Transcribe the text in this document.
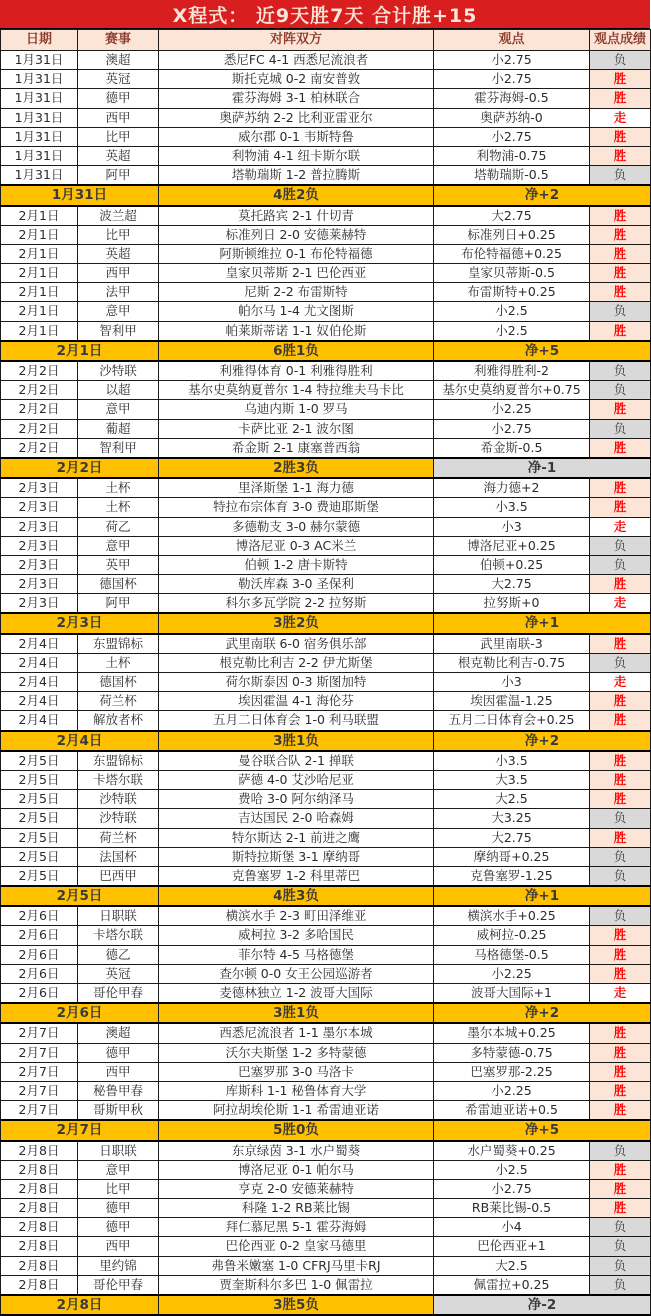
X程式： 近9天胜7天 合计胜+15
日期	赛事	对阵双方	观点	观点成绩
1月31日	澳超	悉尼FC 4-1 西悉尼流浪者	小2.75	负
1月31日	英冠	斯托克城 0-2 南安普敦	小2.75	胜
1月31日	德甲	霍芬海姆 3-1 柏林联合	霍芬海姆-0.5	胜
1月31日	西甲	奥萨苏纳 2-2 比利亚雷亚尔	奥萨苏纳-0	走
1月31日	比甲	威尔郡 0-1 韦斯特鲁	小2.75	胜
1月31日	英超	利物浦 4-1 纽卡斯尔联	利物浦-0.75	胜
1月31日	阿甲	塔勒瑞斯 1-2 普拉腾斯	塔勒瑞斯-0.5	负
1月31日		4胜2负	净+2	
2月1日	波兰超	莫托路宾 2-1 什切青	大2.75	胜
2月1日	比甲	标准列日 2-0 安德莱赫特	标准列日+0.25	胜
2月1日	英超	阿斯顿维拉 0-1 布伦特福德	布伦特福德+0.25	胜
2月1日	西甲	皇家贝蒂斯 2-1 巴伦西亚	皇家贝蒂斯-0.5	胜
2月1日	法甲	尼斯 2-2 布雷斯特	布雷斯特+0.25	胜
2月1日	意甲	帕尔马 1-4 尤文图斯	小2.5	负
2月1日	智利甲	帕莱斯蒂诺 1-1 奴伯伦斯	小2.5	胜
2月1日		6胜1负	净+5	
2月2日	沙特联	利雅得体育 0-1 利雅得胜利	利雅得胜利-2	负
2月2日	以超	基尔史莫纳夏普尔 1-4 特拉维夫马卡比	基尔史莫纳夏普尔+0.75	负
2月2日	意甲	乌迪内斯 1-0 罗马	小2.25	胜
2月2日	葡超	卡萨比亚 2-1 波尔图	小2.75	负
2月2日	智利甲	希金斯 2-1 康塞普西翁	希金斯-0.5	胜
2月2日		2胜3负	净-1	
2月3日	土杯	里泽斯堡 1-1 海力德	海力德+2	胜
2月3日	土杯	特拉布宗体育 3-0 费迪耶斯堡	小3.5	胜
2月3日	荷乙	多德勒支 3-0 赫尔蒙德	小3	走
2月3日	意甲	博洛尼亚 0-3 AC米兰	博洛尼亚+0.25	负
2月3日	英甲	伯顿 1-2 唐卡斯特	伯顿+0.25	负
2月3日	德国杯	勒沃库森 3-0 圣保利	大2.75	胜
2月3日	阿甲	科尔多瓦学院 2-2 拉努斯	拉努斯+0	走
2月3日		3胜2负	净+1	
2月4日	东盟锦标	武里南联 6-0 宿务俱乐部	武里南联-3	胜
2月4日	土杯	根克勒比利吉 2-2 伊尤斯堡	根克勒比利吉-0.75	负
2月4日	德国杯	荷尔斯泰因 0-3 斯图加特	小3	走
2月4日	荷兰杯	埃因霍温 4-1 海伦芬	埃因霍温-1.25	胜
2月4日	解放者杯	五月二日体育会 1-0 利马联盟	五月二日体育会+0.25	胜
2月4日		3胜1负	净+2	
2月5日	东盟锦标	曼谷联合队 2-1 掸联	小3.5	胜
2月5日	卡塔尔联	萨德 4-0 艾沙哈尼亚	大3.5	胜
2月5日	沙特联	费哈 3-0 阿尔纳泽马	大2.5	胜
2月5日	沙特联	吉达国民 2-0 哈森姆	大3.25	负
2月5日	荷兰杯	特尔斯达 2-1 前进之鹰	大2.75	胜
2月5日	法国杯	斯特拉斯堡 3-1 摩纳哥	摩纳哥+0.25	负
2月5日	巴西甲	克鲁塞罗 1-2 科里蒂巴	克鲁塞罗-1.25	负
2月5日		4胜3负	净+1	
2月6日	日职联	横滨水手 2-3 町田泽维亚	横滨水手+0.25	负
2月6日	卡塔尔联	威柯拉 3-2 多哈国民	威柯拉-0.25	胜
2月6日	德乙	菲尔特 4-5 马格德堡	马格德堡-0.5	胜
2月6日	英冠	查尔顿 0-0 女王公园巡游者	小2.25	胜
2月6日	哥伦甲春	麦德林独立 1-2 波哥大国际	波哥大国际+1	走
2月6日		3胜1负	净+2	
2月7日	澳超	西悉尼流浪者 1-1 墨尔本城	墨尔本城+0.25	胜
2月7日	德甲	沃尔夫斯堡 1-2 多特蒙德	多特蒙德-0.75	胜
2月7日	西甲	巴塞罗那 3-0 马洛卡	巴塞罗那-2.25	胜
2月7日	秘鲁甲春	库斯科 1-1 秘鲁体育大学	小2.25	胜
2月7日	哥斯甲秋	阿拉胡埃伦斯 1-1 希雷迪亚诺	希雷迪亚诺+0.5	胜
2月7日		5胜0负	净+5	
2月8日	日职联	东京绿茵 3-1 水户蜀葵	水户蜀葵+0.25	负
2月8日	意甲	博洛尼亚 0-1 帕尔马	小2.5	胜
2月8日	比甲	亨克 2-0 安德莱赫特	小2.75	胜
2月8日	德甲	科隆 1-2 RB莱比锡	RB莱比锡-0.5	胜
2月8日	德甲	拜仁慕尼黑 5-1 霍芬海姆	小4	负
2月8日	西甲	巴伦西亚 0-2 皇家马德里	巴伦西亚+1	负
2月8日	里约锦	弗鲁米嫩塞 1-0 CFRJ马里卡RJ	大2.5	负
2月8日	哥伦甲春	贾奎斯科尔多巴 1-0 佩雷拉	佩雷拉+0.25	负
2月8日		3胜5负	净-2	
